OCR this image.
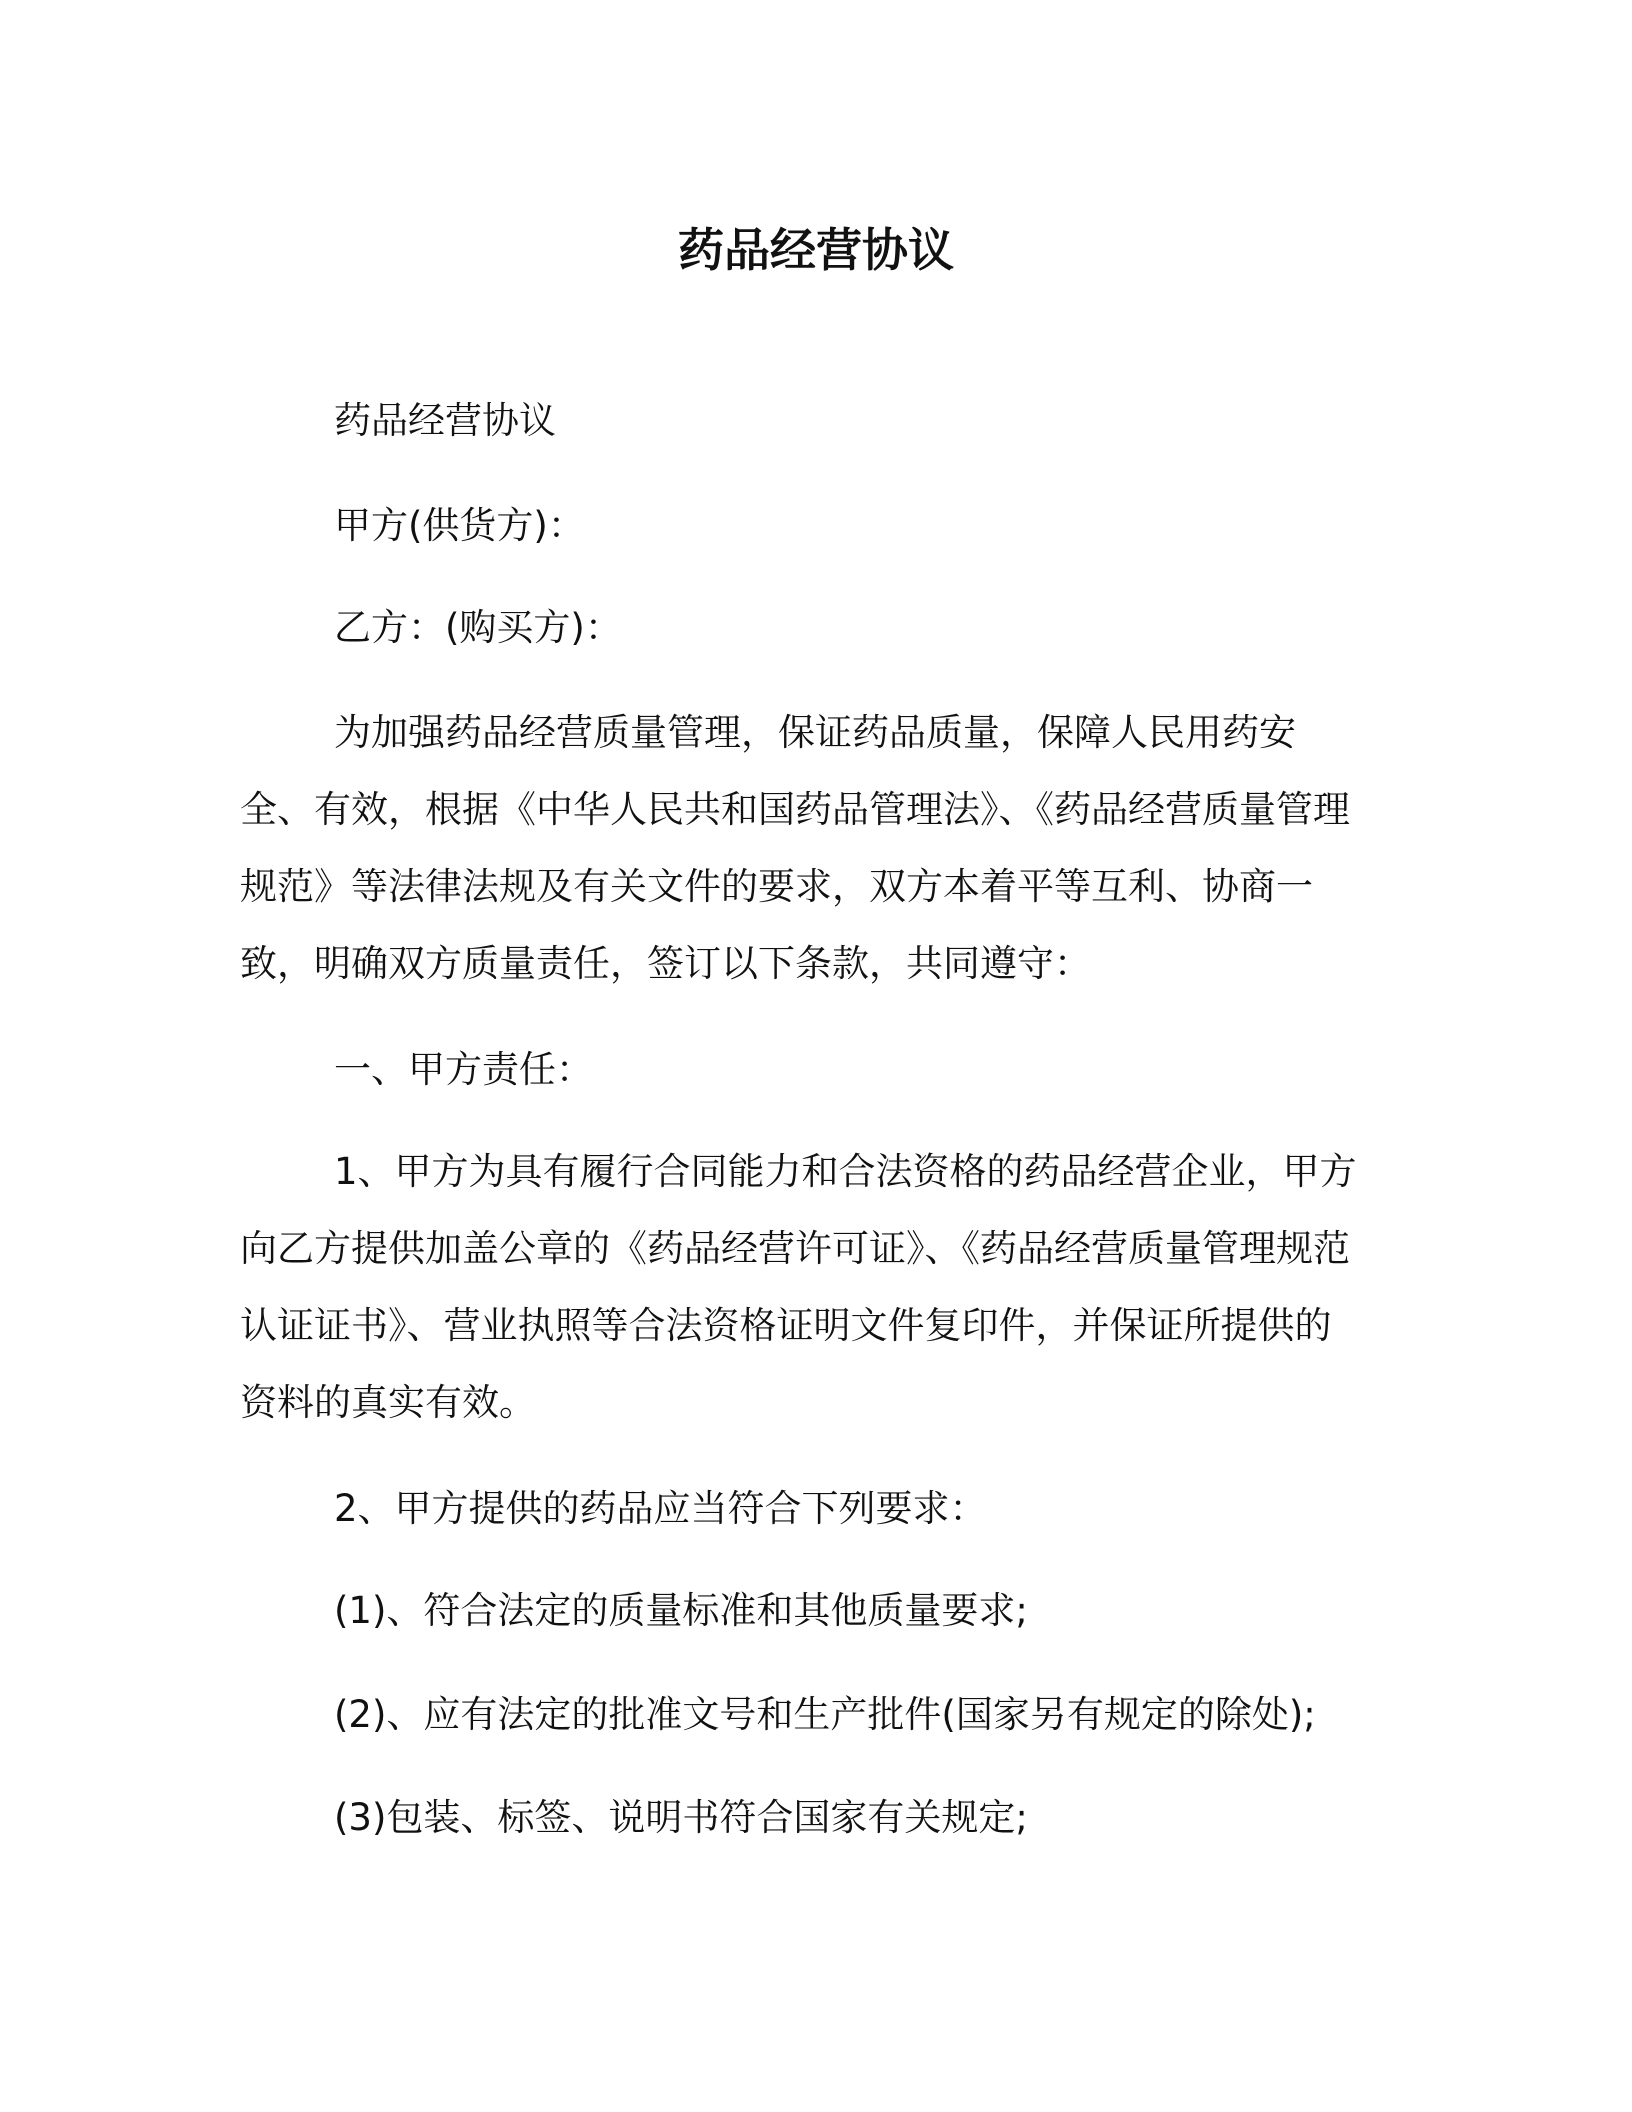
药品经营协议

药品经营协议

甲方(供货方)：

乙方：(购买方)：

为加强药品经营质量管理，保证药品质量，保障人民用药安全、有效，根据《中华人民共和国药品管理法》、《药品经营质量管理规范》等法律法规及有关文件的要求，双方本着平等互利、协商一致，明确双方质量责任，签订以下条款，共同遵守：

一、甲方责任：

1、甲方为具有履行合同能力和合法资格的药品经营企业，甲方向乙方提供加盖公章的《药品经营许可证》、《药品经营质量管理规范认证证书》、营业执照等合法资格证明文件复印件，并保证所提供的资料的真实有效。

2、甲方提供的药品应当符合下列要求：

(1)、符合法定的质量标准和其他质量要求;

(2)、应有法定的批准文号和生产批件(国家另有规定的除处);

(3)包装、标签、说明书符合国家有关规定;
